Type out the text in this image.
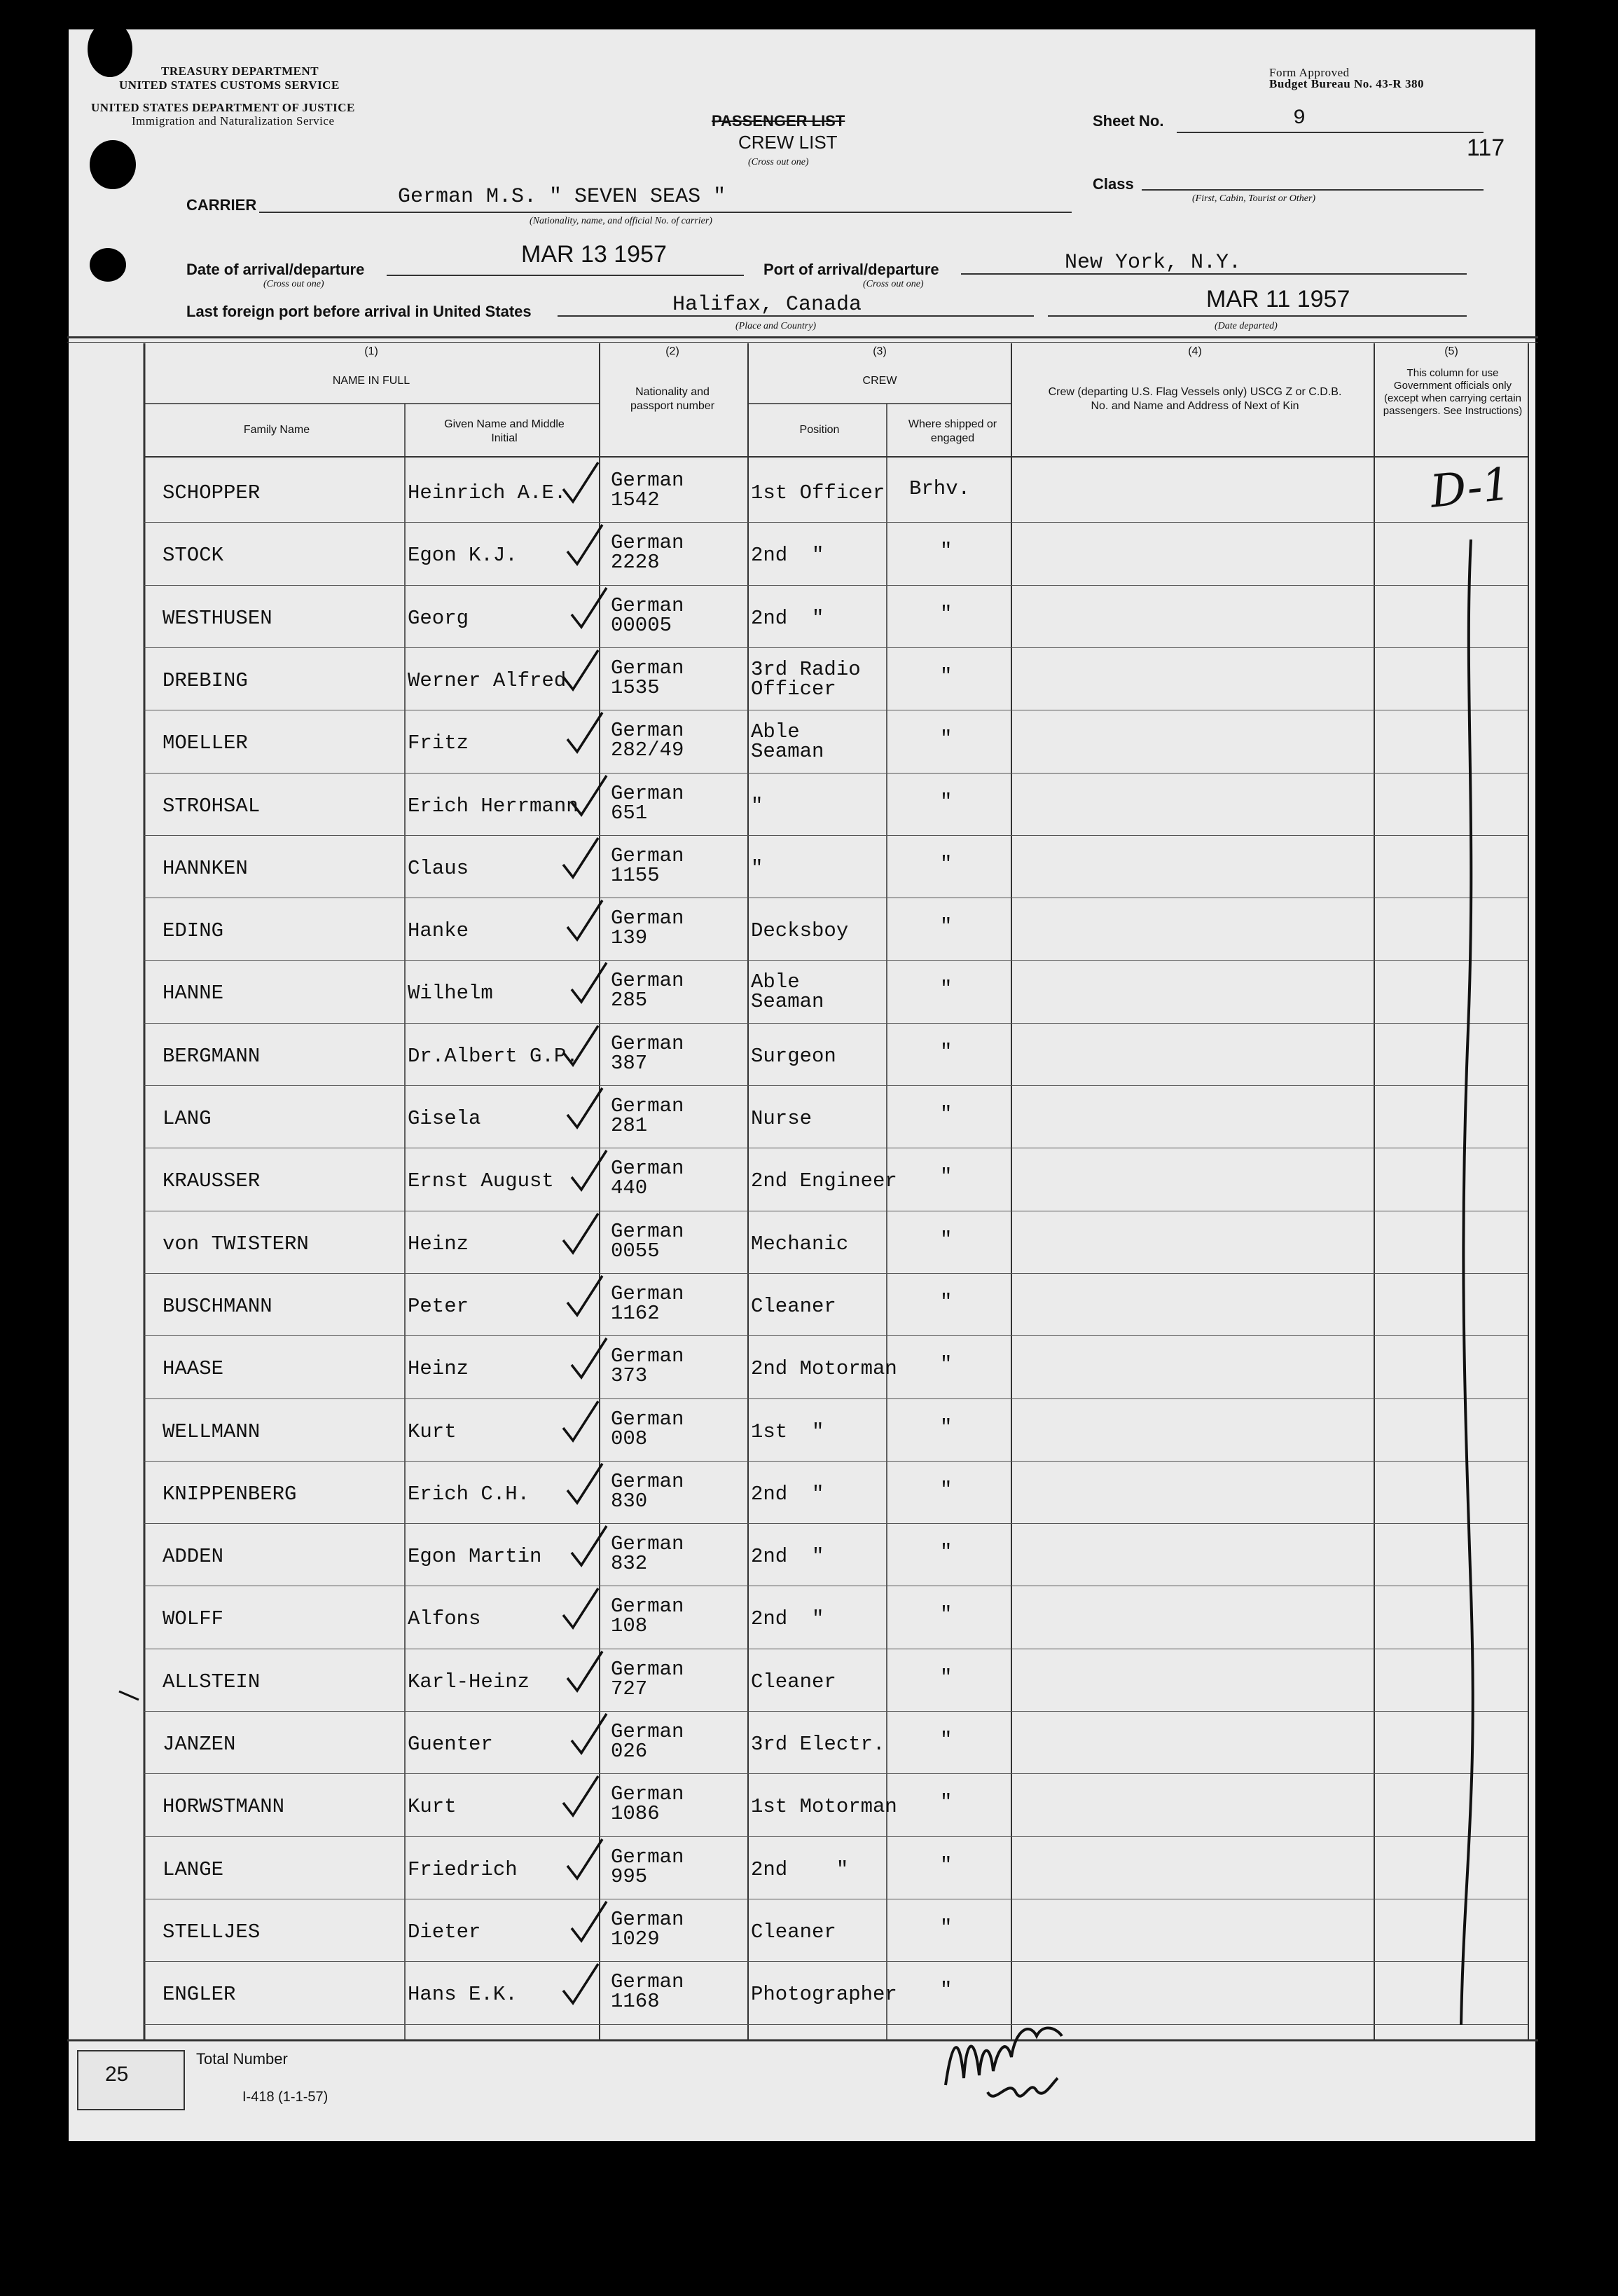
TREASURY DEPARTMENT
UNITED STATES CUSTOMS SERVICE
UNITED STATES DEPARTMENT OF JUSTICE
Immigration and Naturalization Service
Form Approved
Budget Bureau No. 43-R 380
PASSENGER LIST
CREW LIST
(Cross out one)
Sheet No.	9
117
Class
(First, Cabin, Tourist or Other)
CARRIER	German M.S. " SEVEN SEAS "
(Nationality, name, and official No. of carrier)
Date of arrival/departure
(Cross out one)
MAR 13 1957
Port of arrival/departure
(Cross out one)
New York, N.Y.
Last foreign port before arrival in United States	Halifax, Canada
(Place and Country)
MAR 11 1957
(Date departed)
(1)
NAME IN FULL
Family Name	Given Name and Middle Initial
(2)
Nationality and passport number
(3)
CREW
Position	Where shipped or engaged
(4)
Crew (departing U.S. Flag Vessels only) USCG Z or C.D.B. No. and Name and Address of Next of Kin
(5)
This column for use Government officials only (except when carrying certain passengers. See Instructions)
SCHOPPER	Heinrich A.E.
German
1542	1st Officer Brhv.
STOCK	Egon K.J.
German
2228	2nd  "	"
WESTHUSEN	Georg
German
00005	2nd  "	"
DREBING	Werner Alfred
German
1535
3rd Radio
Officer
"
MOELLER	Fritz
German
282/49
Able
Seaman
"
STROHSAL	Erich Herrmann
German
651	"	"
HANNKEN	Claus
German
1155	"	"
EDING	Hanke
German
139	Decksboy	"
HANNE	Wilhelm
German
285
Able
Seaman
"
BERGMANN	Dr.Albert G.P.
German
387	Surgeon	"
LANG	Gisela
German
281	Nurse	"
KRAUSSER	Ernst August
German
440	2nd Engineer "
von TWISTERN	Heinz
German
0055	Mechanic	"
BUSCHMANN	Peter
German
1162	Cleaner	"
HAASE	Heinz
German
373	2nd Motorman "
WELLMANN	Kurt
German
008	1st  "	"
KNIPPENBERG	Erich C.H.
German
830	2nd  "	"
ADDEN	Egon Martin
German
832	2nd  "	"
WOLFF	Alfons
German
108	2nd  "	"
ALLSTEIN	Karl-Heinz
German
727	Cleaner	"
JANZEN	Guenter
German
026	3rd Electr.	"
HORWSTMANN	Kurt
German
1086	1st Motorman "
LANGE	Friedrich
German
995	2nd    "	"
STELLJES	Dieter
German
1029	Cleaner	"
ENGLER	Hans E.K.
German
1168	Photographer "
D-1
25
Total Number
I-418 (1-1-57)
